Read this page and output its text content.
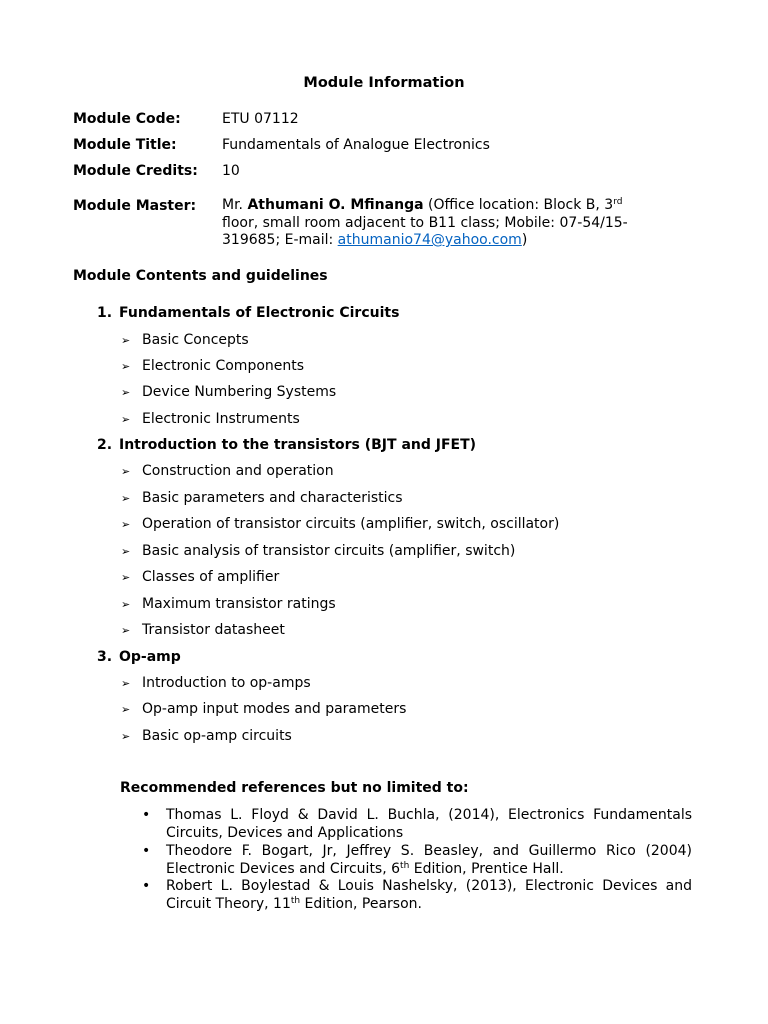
Module Information
Module Code:	ETU 07112
Module Title:	Fundamentals of Analogue Electronics
Module Credits: 10
Module Master: Mr. Athumani O. Mfinanga (Office location: Block B, 3rd floor, small room adjacent to B11 class; Mobile: 07-54/15-319685; E-mail: athumanio74@yahoo.com)
Module Contents and guidelines
1. Fundamentals of Electronic Circuits
➢ Basic Concepts
➢ Electronic Components
➢ Device Numbering Systems
➢ Electronic Instruments
2. Introduction to the transistors (BJT and JFET)
➢ Construction and operation
➢ Basic parameters and characteristics
➢ Operation of transistor circuits (amplifier, switch, oscillator)
➢ Basic analysis of transistor circuits (amplifier, switch)
➢ Classes of amplifier
➢ Maximum transistor ratings
➢ Transistor datasheet
3. Op-amp
➢ Introduction to op-amps
➢ Op-amp input modes and parameters
➢ Basic op-amp circuits
Recommended references but no limited to:
• Thomas L. Floyd & David L. Buchla, (2014), Electronics Fundamentals Circuits, Devices and Applications
• Theodore F. Bogart, Jr, Jeffrey S. Beasley, and Guillermo Rico (2004) Electronic Devices and Circuits, 6th Edition, Prentice Hall.
• Robert L. Boylestad & Louis Nashelsky, (2013), Electronic Devices and Circuit Theory, 11th Edition, Pearson.
